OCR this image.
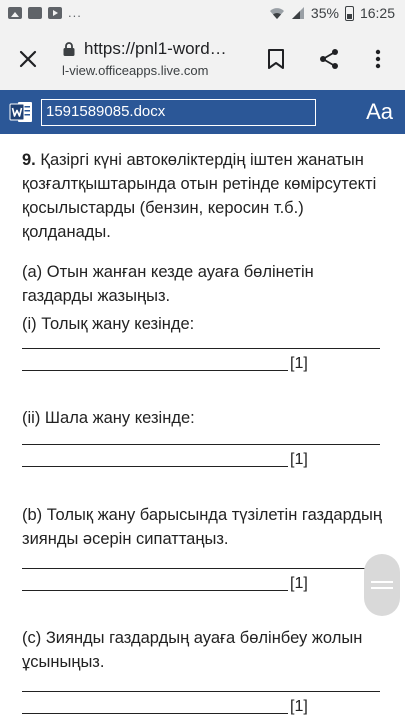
...	35% 16:25
https://pnl1-word…
l-view.officeapps.live.com
1591589085.docx	Aa
9. Қазіргі күні автокөліктердің іштен жанатын қозғалтқыштарында отын ретінде көмірсутекті қосылыстарды (бензин, керосин т.б.) қолданады.
(a) Отын жанған кезде ауаға бөлінетін газдарды жазыңыз.
(i) Толық жану кезінде:
[1]
(ii) Шала жану кезінде:
[1]
(b) Толық жану барысында түзілетін газдардың зиянды әсерін сипаттаңыз.
[1]
(c) Зиянды газдардың ауаға бөлінбеу жолын ұсыныңыз.
[1]
